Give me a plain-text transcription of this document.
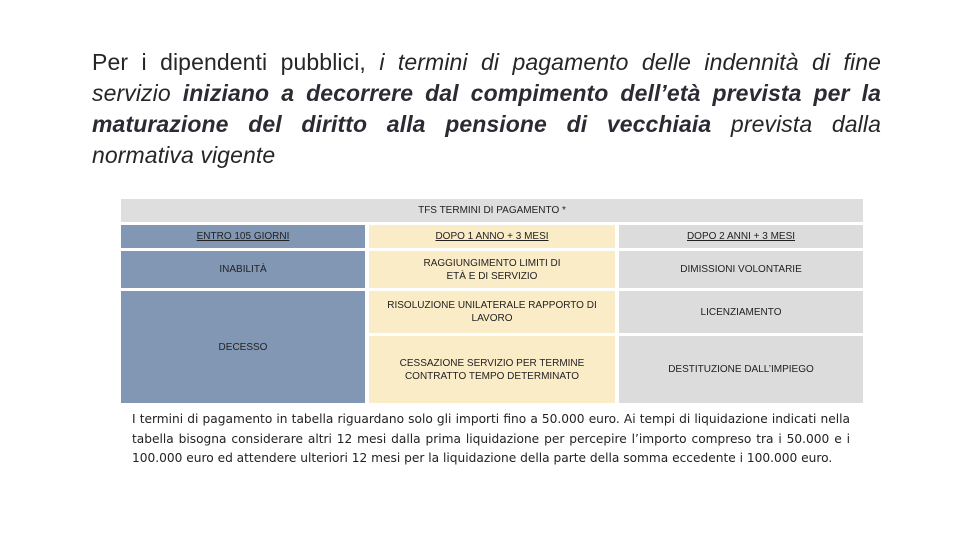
Per i dipendenti pubblici, i termini di pagamento delle indennità di fine servizio iniziano a decorrere dal compimento dell’età prevista per la maturazione del diritto alla pensione di vecchiaia prevista dalla normativa vigente
TFS TERMINI DI PAGAMENTO *
ENTRO 105 GIORNI	DOPO 1 ANNO + 3 MESI	DOPO 2 ANNI + 3 MESI
INABILITÀ
DECESSO
RAGGIUNGIMENTO LIMITI DI ETÀ E DI SERVIZIO
RISOLUZIONE UNILATERALE RAPPORTO DI LAVORO
CESSAZIONE SERVIZIO PER TERMINE CONTRATTO TEMPO DETERMINATO
DIMISSIONI VOLONTARIE
LICENZIAMENTO
DESTITUZIONE DALL’IMPIEGO
I termini di pagamento in tabella riguardano solo gli importi fino a 50.000 euro. Ai tempi di liquidazione indicati nella tabella bisogna considerare altri 12 mesi dalla prima liquidazione per percepire l’importo compreso tra i 50.000 e i 100.000 euro ed attendere ulteriori 12 mesi per la liquidazione della parte della somma eccedente i 100.000 euro.
